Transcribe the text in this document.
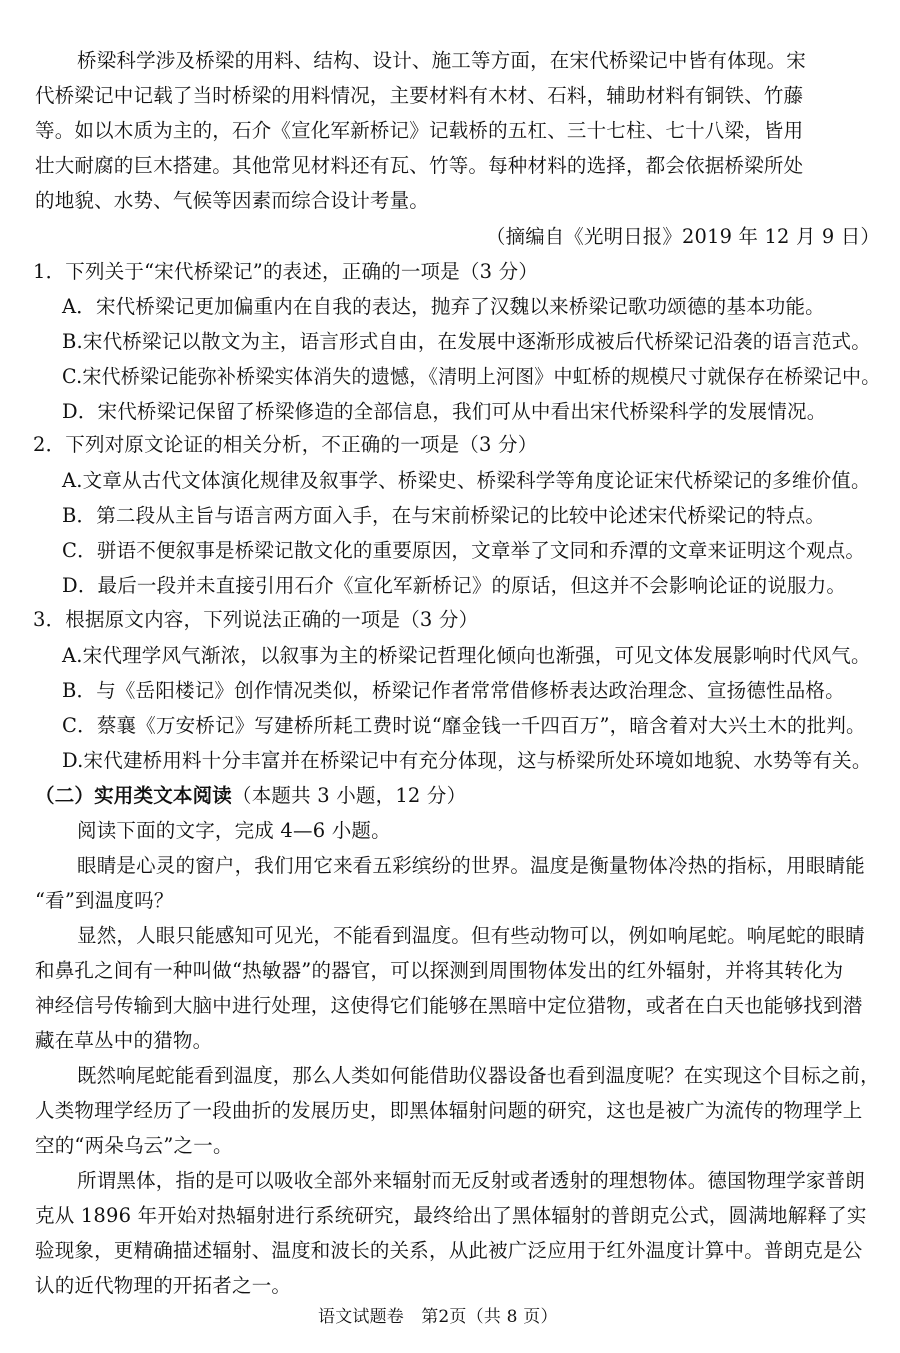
桥梁科学涉及桥梁的用料、结构、设计、施工等方面，在宋代桥梁记中皆有体现。宋
代桥梁记中记载了当时桥梁的用料情况，主要材料有木材、石料，辅助材料有铜铁、竹藤
等。如以木质为主的，石介《宣化军新桥记》记载桥的五杠、三十七柱、七十八梁，皆用
壮大耐腐的巨木搭建。其他常见材料还有瓦、竹等。每种材料的选择，都会依据桥梁所处
的地貌、水势、气候等因素而综合设计考量。
（摘编自《光明日报》2019 年 12 月 9 日）
1．下列关于“宋代桥梁记”的表述，正确的一项是（3 分）
A．宋代桥梁记更加偏重内在自我的表达，抛弃了汉魏以来桥梁记歌功颂德的基本功能。
B.宋代桥梁记以散文为主，语言形式自由，在发展中逐渐形成被后代桥梁记沿袭的语言范式。
C.宋代桥梁记能弥补桥梁实体消失的遗憾，《清明上河图》中虹桥的规模尺寸就保存在桥梁记中。
D．宋代桥梁记保留了桥梁修造的全部信息，我们可从中看出宋代桥梁科学的发展情况。
2．下列对原文论证的相关分析，不正确的一项是（3 分）
A.文章从古代文体演化规律及叙事学、桥梁史、桥梁科学等角度论证宋代桥梁记的多维价值。
B．第二段从主旨与语言两方面入手，在与宋前桥梁记的比较中论述宋代桥梁记的特点。
C．骈语不便叙事是桥梁记散文化的重要原因，文章举了文同和乔潭的文章来证明这个观点。
D．最后一段并未直接引用石介《宣化军新桥记》的原话，但这并不会影响论证的说服力。
3．根据原文内容，下列说法正确的一项是（3 分）
A.宋代理学风气渐浓，以叙事为主的桥梁记哲理化倾向也渐强，可见文体发展影响时代风气。
B．与《岳阳楼记》创作情况类似，桥梁记作者常常借修桥表达政治理念、宣扬德性品格。
C．蔡襄《万安桥记》写建桥所耗工费时说“靡金钱一千四百万”，暗含着对大兴土木的批判。
D.宋代建桥用料十分丰富并在桥梁记中有充分体现，这与桥梁所处环境如地貌、水势等有关。
（二）实用类文本阅读（本题共 3 小题，12 分）
阅读下面的文字，完成 4—6 小题。
眼睛是心灵的窗户，我们用它来看五彩缤纷的世界。温度是衡量物体冷热的指标，用眼睛能
“看”到温度吗？
显然，人眼只能感知可见光，不能看到温度。但有些动物可以，例如响尾蛇。响尾蛇的眼睛
和鼻孔之间有一种叫做“热敏器”的器官，可以探测到周围物体发出的红外辐射，并将其转化为
神经信号传输到大脑中进行处理，这使得它们能够在黑暗中定位猎物，或者在白天也能够找到潜
藏在草丛中的猎物。
既然响尾蛇能看到温度，那么人类如何能借助仪器设备也看到温度呢？在实现这个目标之前，
人类物理学经历了一段曲折的发展历史，即黑体辐射问题的研究，这也是被广为流传的物理学上
空的“两朵乌云”之一。
所谓黑体，指的是可以吸收全部外来辐射而无反射或者透射的理想物体。德国物理学家普朗
克从 1896 年开始对热辐射进行系统研究，最终给出了黑体辐射的普朗克公式，圆满地解释了实
验现象，更精确描述辐射、温度和波长的关系，从此被广泛应用于红外温度计算中。普朗克是公
认的近代物理的开拓者之一。
语文试题卷　第2页（共 8 页）
